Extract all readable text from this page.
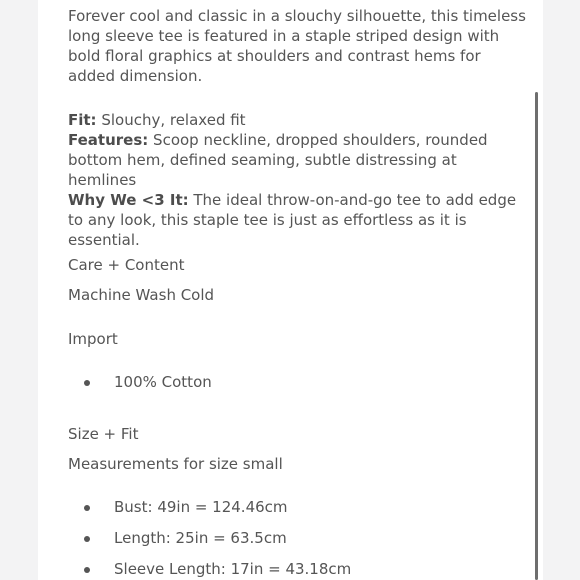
Forever cool and classic in a slouchy silhouette, this timeless long sleeve tee is featured in a staple striped design with bold floral graphics at shoulders and contrast hems for added dimension.

Fit: Slouchy, relaxed fit
Features: Scoop neckline, dropped shoulders, rounded bottom hem, defined seaming, subtle distressing at hemlines
Why We <3 It: The ideal throw-on-and-go tee to add edge to any look, this staple tee is just as effortless as it is essential.

Care + Content

Machine Wash Cold

Import

100% Cotton

Size + Fit

Measurements for size small

Bust: 49in = 124.46cm
Length: 25in = 63.5cm
Sleeve Length: 17in = 43.18cm
